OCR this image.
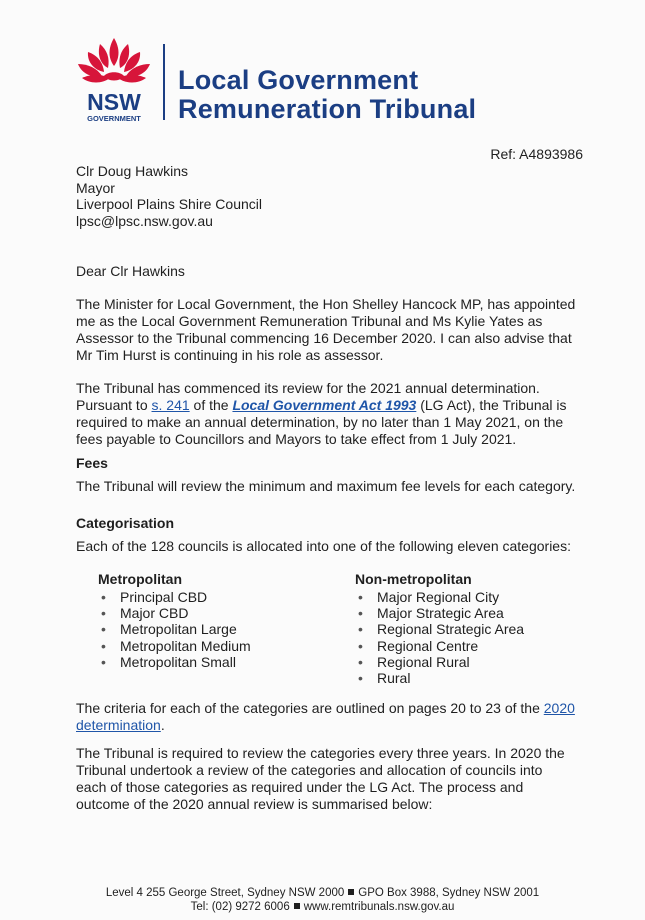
NSW
GOVERNMENT
Local Government
Remuneration Tribunal
Ref: A4893986
Clr Doug Hawkins
Mayor
Liverpool Plains Shire Council
lpsc@lpsc.nsw.gov.au
Dear Clr Hawkins
The Minister for Local Government, the Hon Shelley Hancock MP, has appointed me as the Local Government Remuneration Tribunal and Ms Kylie Yates as Assessor to the Tribunal commencing 16 December 2020. I can also advise that Mr Tim Hurst is continuing in his role as assessor.
The Tribunal has commenced its review for the 2021 annual determination. Pursuant to s. 241 of the Local Government Act 1993 (LG Act), the Tribunal is required to make an annual determination, by no later than 1 May 2021, on the fees payable to Councillors and Mayors to take effect from 1 July 2021.
Fees
The Tribunal will review the minimum and maximum fee levels for each category.
Categorisation
Each of the 128 councils is allocated into one of the following eleven categories:
Metropolitan
• Principal CBD
• Major CBD
• Metropolitan Large
• Metropolitan Medium
• Metropolitan Small
Non-metropolitan
• Major Regional City
• Major Strategic Area
• Regional Strategic Area
• Regional Centre
• Regional Rural
• Rural
The criteria for each of the categories are outlined on pages 20 to 23 of the 2020 determination.
The Tribunal is required to review the categories every three years. In 2020 the Tribunal undertook a review of the categories and allocation of councils into each of those categories as required under the LG Act. The process and outcome of the 2020 annual review is summarised below:
Level 4 255 George Street, Sydney NSW 2000 GPO Box 3988, Sydney NSW 2001
Tel: (02) 9272 6006 www.remtribunals.nsw.gov.au
